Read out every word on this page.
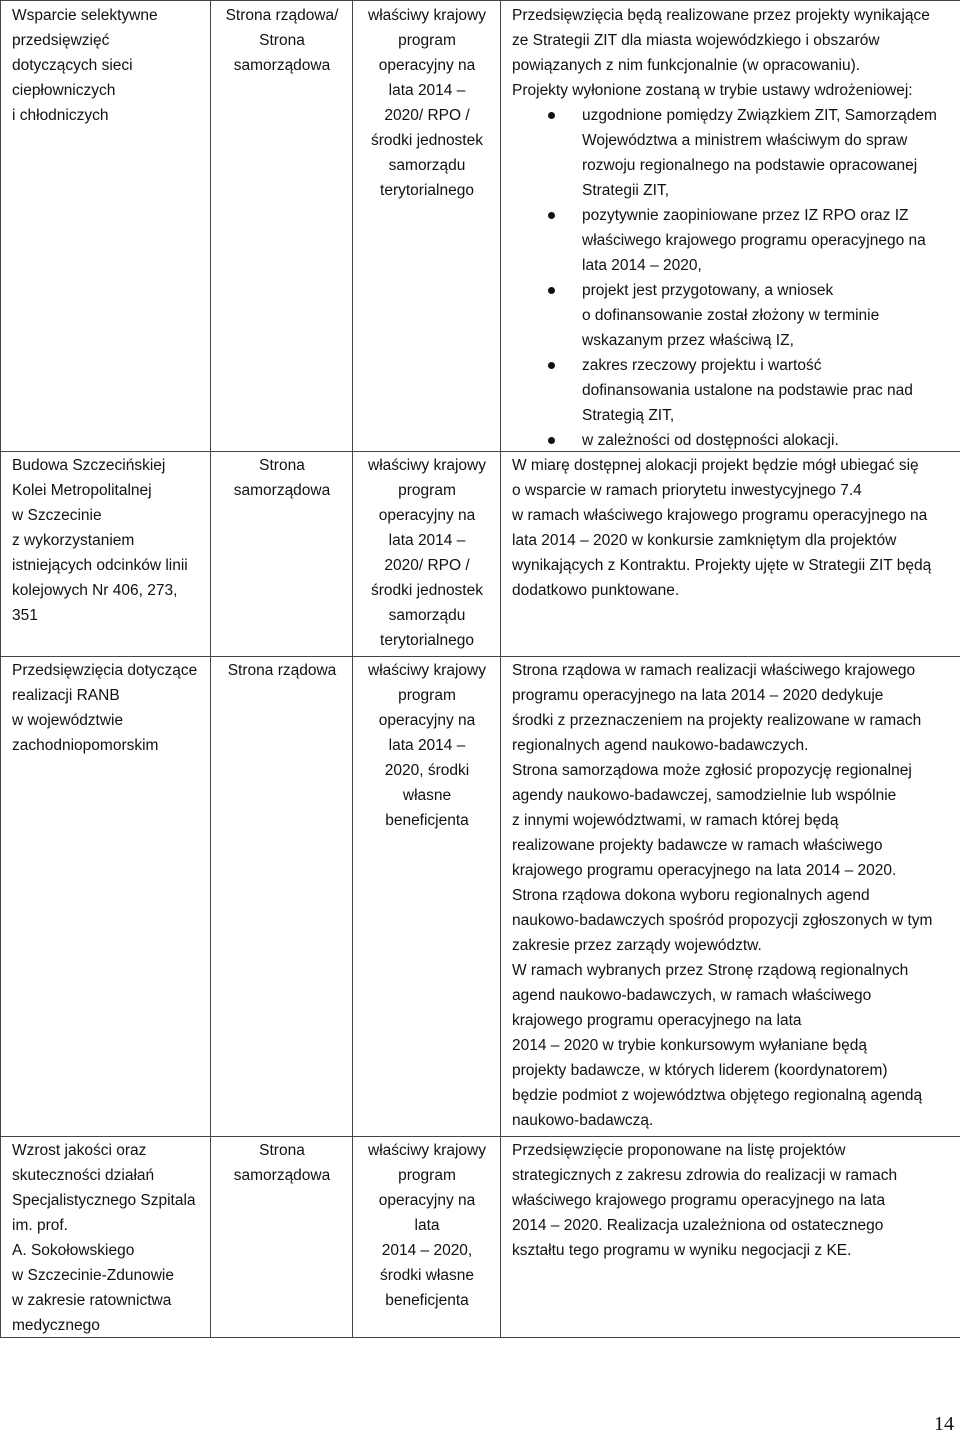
Wsparcie selektywne
przedsięwzięć
dotyczących sieci
ciepłowniczych
i chłodniczych
Strona rządowa/
Strona
samorządowa
właściwy krajowy
program
operacyjny na
lata 2014 –
2020/ RPO /
środki jednostek
samorządu
terytorialnego
Przedsięwzięcia będą realizowane przez projekty wynikające
ze Strategii ZIT dla miasta wojewódzkiego i obszarów
powiązanych z nim funkcjonalnie (w opracowaniu).
Projekty wyłonione zostaną w trybie ustawy wdrożeniowej:
uzgodnione pomiędzy Związkiem ZIT, Samorządem
Województwa a ministrem właściwym do spraw
rozwoju regionalnego na podstawie opracowanej
Strategii ZIT,
pozytywnie zaopiniowane przez IZ RPO oraz IZ
właściwego krajowego programu operacyjnego na
lata 2014 – 2020,
projekt jest przygotowany, a wniosek
o dofinansowanie został złożony w terminie
wskazanym przez właściwą IZ,
zakres rzeczowy projektu i wartość
dofinansowania ustalone na podstawie prac nad
Strategią ZIT,
w zależności od dostępności alokacji.
Budowa Szczecińskiej
Kolei Metropolitalnej
w Szczecinie
z wykorzystaniem
istniejących odcinków linii
kolejowych Nr 406, 273,
351
Strona
samorządowa
właściwy krajowy
program
operacyjny na
lata 2014 –
2020/ RPO /
środki jednostek
samorządu
terytorialnego
W miarę dostępnej alokacji projekt będzie mógł ubiegać się
o wsparcie w ramach priorytetu inwestycyjnego 7.4
w ramach właściwego krajowego programu operacyjnego na
lata 2014 – 2020 w konkursie zamkniętym dla projektów
wynikających z Kontraktu. Projekty ujęte w Strategii ZIT będą
dodatkowo punktowane.
Przedsięwzięcia dotyczące
realizacji RANB
w województwie
zachodniopomorskim
Strona rządowa	właściwy krajowy
program
operacyjny na
lata 2014 –
2020, środki
własne
beneficjenta
Strona rządowa w ramach realizacji właściwego krajowego
programu operacyjnego na lata 2014 – 2020 dedykuje
środki z przeznaczeniem na projekty realizowane w ramach
regionalnych agend naukowo-badawczych.
Strona samorządowa może zgłosić propozycję regionalnej
agendy naukowo-badawczej, samodzielnie lub wspólnie
z innymi województwami, w ramach której będą
realizowane projekty badawcze w ramach właściwego
krajowego programu operacyjnego na lata 2014 – 2020.
Strona rządowa dokona wyboru regionalnych agend
naukowo-badawczych spośród propozycji zgłoszonych w tym
zakresie przez zarządy województw.
W ramach wybranych przez Stronę rządową regionalnych
agend naukowo-badawczych, w ramach właściwego
krajowego programu operacyjnego na lata
2014 – 2020 w trybie konkursowym wyłaniane będą
projekty badawcze, w których liderem (koordynatorem)
będzie podmiot z województwa objętego regionalną agendą
naukowo-badawczą.
Wzrost jakości oraz
skuteczności działań
Specjalistycznego Szpitala
im. prof.
A. Sokołowskiego
w Szczecinie-Zdunowie
w zakresie ratownictwa
medycznego
Strona
samorządowa
właściwy krajowy
program
operacyjny na
lata
2014 – 2020,
środki własne
beneficjenta
Przedsięwzięcie proponowane na listę projektów
strategicznych z zakresu zdrowia do realizacji w ramach
właściwego krajowego programu operacyjnego na lata
2014 – 2020. Realizacja uzależniona od ostatecznego
kształtu tego programu w wyniku negocjacji z KE.
14
